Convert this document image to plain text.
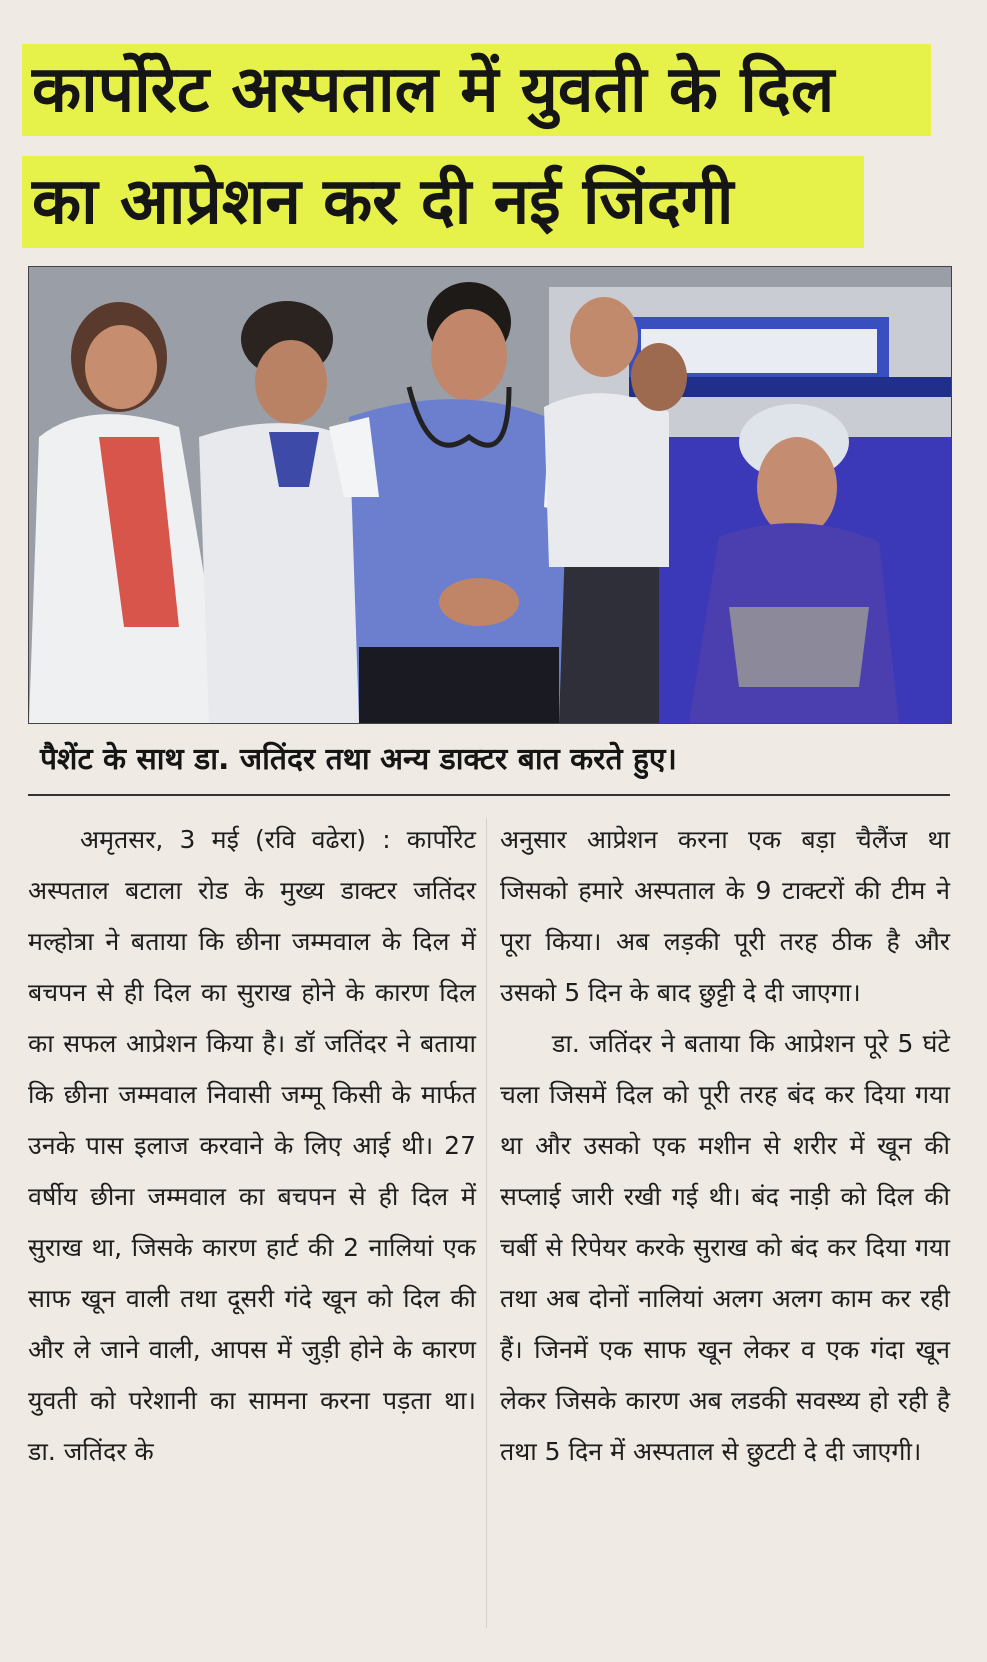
कार्पोरेट अस्पताल में युवती के दिल
का आप्रेशन कर दी नई जिंदगी
पैशेंट के साथ डा. जतिंदर तथा अन्य डाक्टर बात करते हुए।

अमृतसर, 3 मई (रवि वढेरा) : कार्पोरेट अस्पताल बटाला रोड के मुख्य डाक्टर जतिंदर मल्होत्रा ने बताया कि छीना जम्मवाल के दिल में बचपन से ही दिल का सुराख होने के कारण दिल का सफल आप्रेशन किया है। डॉ जतिंदर ने बताया कि छीना जम्मवाल निवासी जम्मू किसी के मार्फत उनके पास इलाज करवाने के लिए आई थी। 27 वर्षीय छीना जम्मवाल का बचपन से ही दिल में सुराख था, जिसके कारण हार्ट की 2 नालियां एक साफ खून वाली तथा दूसरी गंदे खून को दिल की और ले जाने वाली, आपस में जुड़ी होने के कारण युवती को परेशानी का सामना करना पड़ता था। डा. जतिंदर के

अनुसार आप्रेशन करना एक बड़ा चैलैंज था जिसको हमारे अस्पताल के 9 टाक्टरों की टीम ने पूरा किया। अब लड़की पूरी तरह ठीक है और उसको 5 दिन के बाद छुट्टी दे दी जाएगा।

डा. जतिंदर ने बताया कि आप्रेशन पूरे 5 घंटे चला जिसमें दिल को पूरी तरह बंद कर दिया गया था और उसको एक मशीन से शरीर में खून की सप्लाई जारी रखी गई थी। बंद नाड़ी को दिल की चर्बी से रिपेयर करके सुराख को बंद कर दिया गया तथा अब दोनों नालियां अलग अलग काम कर रही हैं। जिनमें एक साफ खून लेकर व एक गंदा खून लेकर जिसके कारण अब लडकी सवस्थ्य हो रही है तथा 5 दिन में अस्पताल से छुटटी दे दी जाएगी।
